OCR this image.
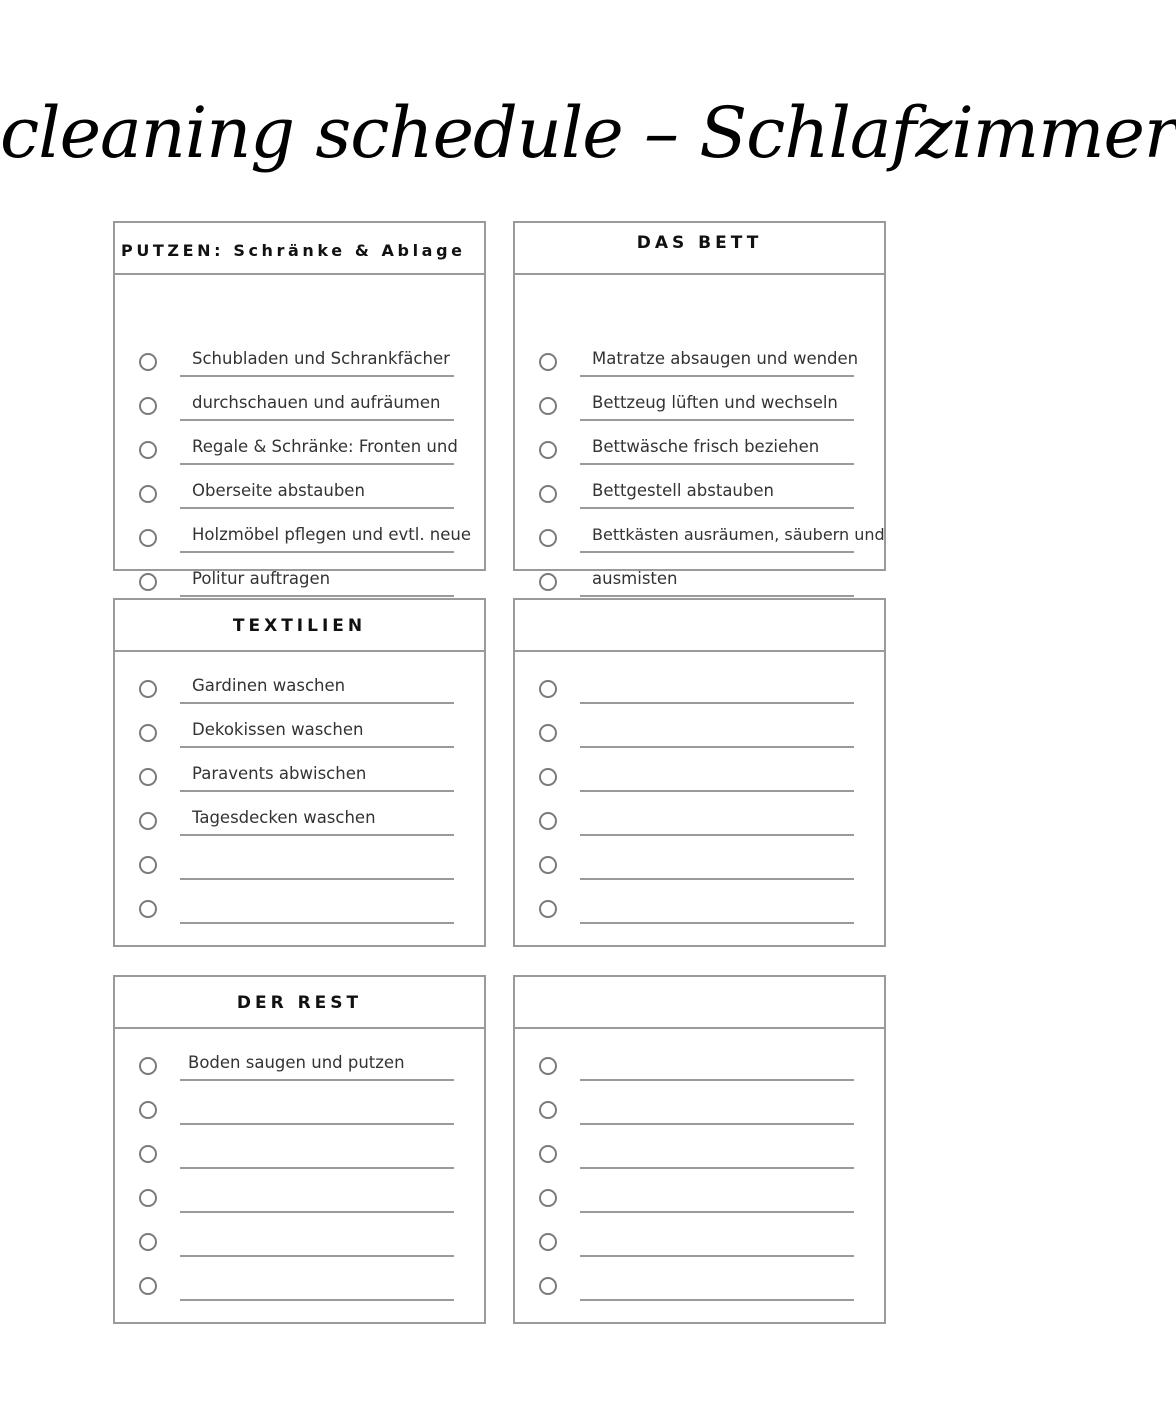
cleaning schedule – Schlafzimmer
PUTZEN: Schränke & Ablage
Schubladen und Schrankfächer
durchschauen und aufräumen
Regale & Schränke: Fronten und
Oberseite abstauben
Holzmöbel pflegen und evtl. neue
Politur auftragen
DAS BETT
Matratze absaugen und wenden
Bettzeug lüften und wechseln
Bettwäsche frisch beziehen
Bettgestell abstauben
Bettkästen ausräumen, säubern und
ausmisten
TEXTILIEN
Gardinen waschen
Dekokissen waschen
Paravents abwischen
Tagesdecken waschen
DER REST
Boden saugen und putzen
